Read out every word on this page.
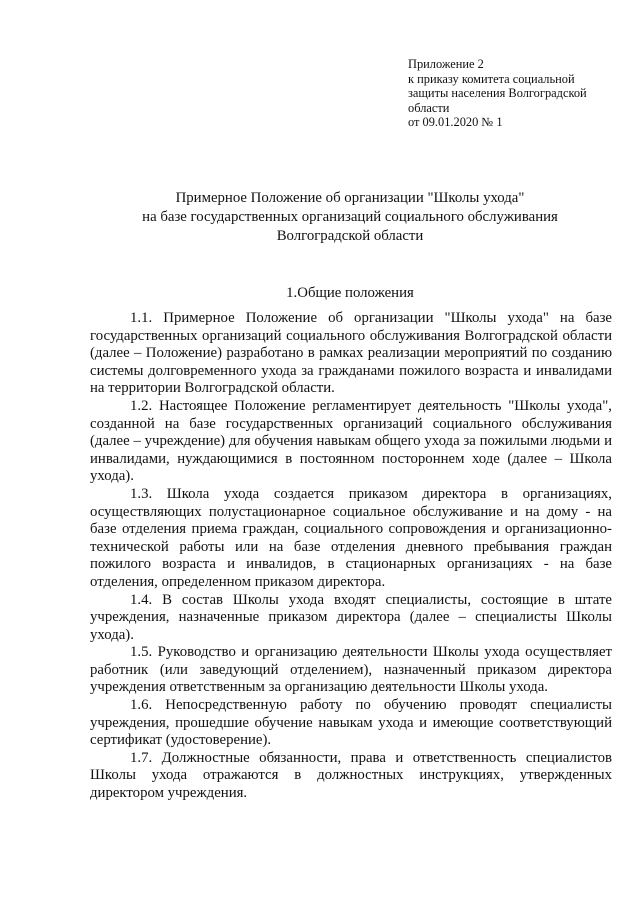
Приложение 2
к приказу комитета социальной
защиты населения Волгоградской
области
от 09.01.2020 № 1
Примерное Положение об организации "Школы ухода"
на базе государственных организаций социального обслуживания
Волгоградской области
1.Общие положения

1.1. Примерное Положение об организации "Школы ухода" на базе государственных организаций социального обслуживания Волгоградской области (далее – Положение) разработано в рамках реализации мероприятий по созданию системы долговременного ухода за гражданами пожилого возраста и инвалидами на территории Волгоградской области.

1.2. Настоящее Положение регламентирует деятельность "Школы ухода", созданной на базе государственных организаций социального обслуживания (далее – учреждение) для обучения навыкам общего ухода за пожилыми людьми и инвалидами, нуждающимися в постоянном постороннем ходе (далее – Школа ухода).

1.3. Школа ухода создается приказом директора в организациях, осуществляющих полустационарное социальное обслуживание и на дому - на базе отделения приема граждан, социального сопровождения и организационно-технической работы или на базе отделения дневного пребывания граждан пожилого возраста и инвалидов, в стационарных организациях - на базе отделения, определенном приказом директора.

1.4. В состав Школы ухода входят специалисты, состоящие в штате учреждения, назначенные приказом директора (далее – специалисты Школы ухода).

1.5. Руководство и организацию деятельности Школы ухода осуществляет работник (или заведующий отделением), назначенный приказом директора учреждения ответственным за организацию деятельности Школы ухода.

1.6. Непосредственную работу по обучению проводят специалисты учреждения, прошедшие обучение навыкам ухода и имеющие соответствующий сертификат (удостоверение).

1.7. Должностные обязанности, права и ответственность специалистов Школы ухода отражаются в должностных инструкциях, утвержденных директором учреждения.
